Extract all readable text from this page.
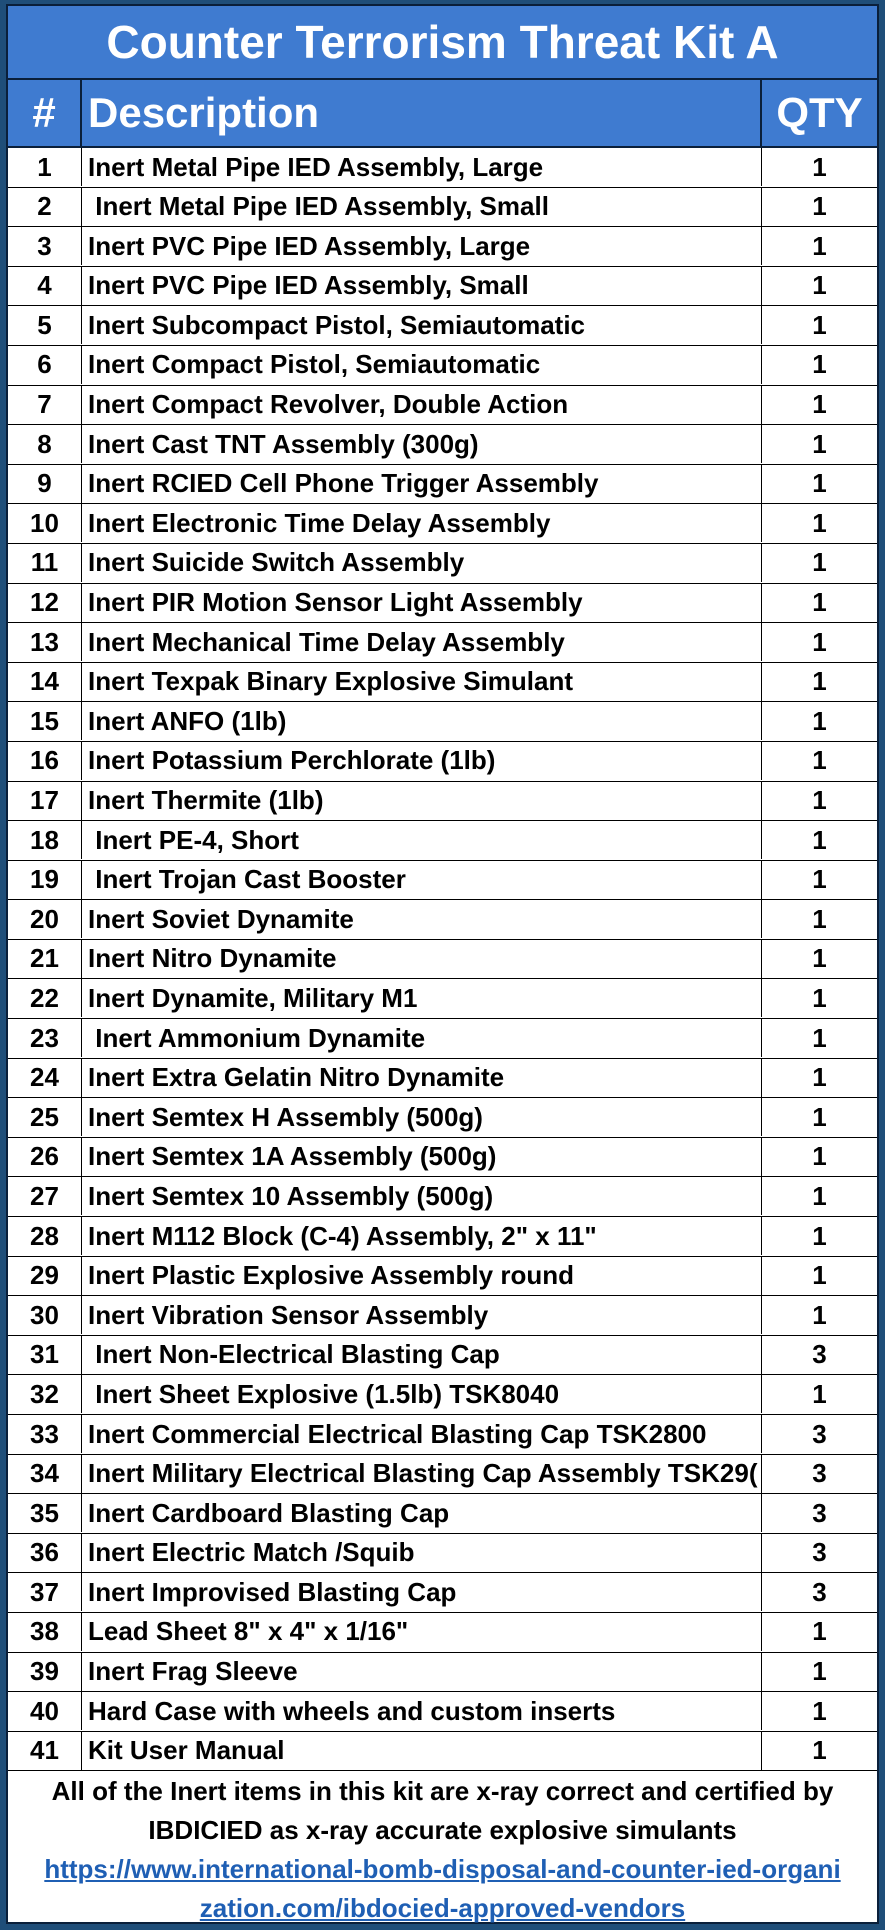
Counter Terrorism Threat Kit A
# Description	QTY
1	Inert Metal Pipe IED Assembly, Large	1
2	Inert Metal Pipe IED Assembly, Small	1
3	Inert PVC Pipe IED Assembly, Large	1
4	Inert PVC Pipe IED Assembly, Small	1
5	Inert Subcompact Pistol, Semiautomatic	1
6	Inert Compact Pistol, Semiautomatic	1
7	Inert Compact Revolver, Double Action	1
8	Inert Cast TNT Assembly (300g)	1
9	Inert RCIED Cell Phone Trigger Assembly	1
10	Inert Electronic Time Delay Assembly	1
11	Inert Suicide Switch Assembly	1
12	Inert PIR Motion Sensor Light Assembly	1
13	Inert Mechanical Time Delay Assembly	1
14	Inert Texpak Binary Explosive Simulant	1
15	Inert ANFO (1lb)	1
16	Inert Potassium Perchlorate (1lb)	1
17	Inert Thermite (1lb)	1
18	Inert PE-4, Short	1
19	Inert Trojan Cast Booster	1
20	Inert Soviet Dynamite	1
21	Inert Nitro Dynamite	1
22	Inert Dynamite, Military M1	1
23	Inert Ammonium Dynamite	1
24	Inert Extra Gelatin Nitro Dynamite	1
25	Inert Semtex H Assembly (500g)	1
26	Inert Semtex 1A Assembly (500g)	1
27	Inert Semtex 10 Assembly (500g)	1
28	Inert M112 Block (C-4) Assembly, 2" x 11"	1
29	Inert Plastic Explosive Assembly round	1
30	Inert Vibration Sensor Assembly	1
31	Inert Non-Electrical Blasting Cap	3
32	Inert Sheet Explosive (1.5lb) TSK8040	1
33	Inert Commercial Electrical Blasting Cap TSK2800	3
34	Inert Military Electrical Blasting Cap Assembly TSK29(	3
35	Inert Cardboard Blasting Cap	3
36	Inert Electric Match /Squib	3
37	Inert Improvised Blasting Cap	3
38	Lead Sheet 8" x 4" x 1/16"	1
39	Inert Frag Sleeve	1
40	Hard Case with wheels and custom inserts	1
41	Kit User Manual	1
All of the Inert items in this kit are x-ray correct and certified by IBDICIED as x-ray accurate explosive simulants
https://www.international-bomb-disposal-and-counter-ied-organization.com/ibdocied-approved-vendors
